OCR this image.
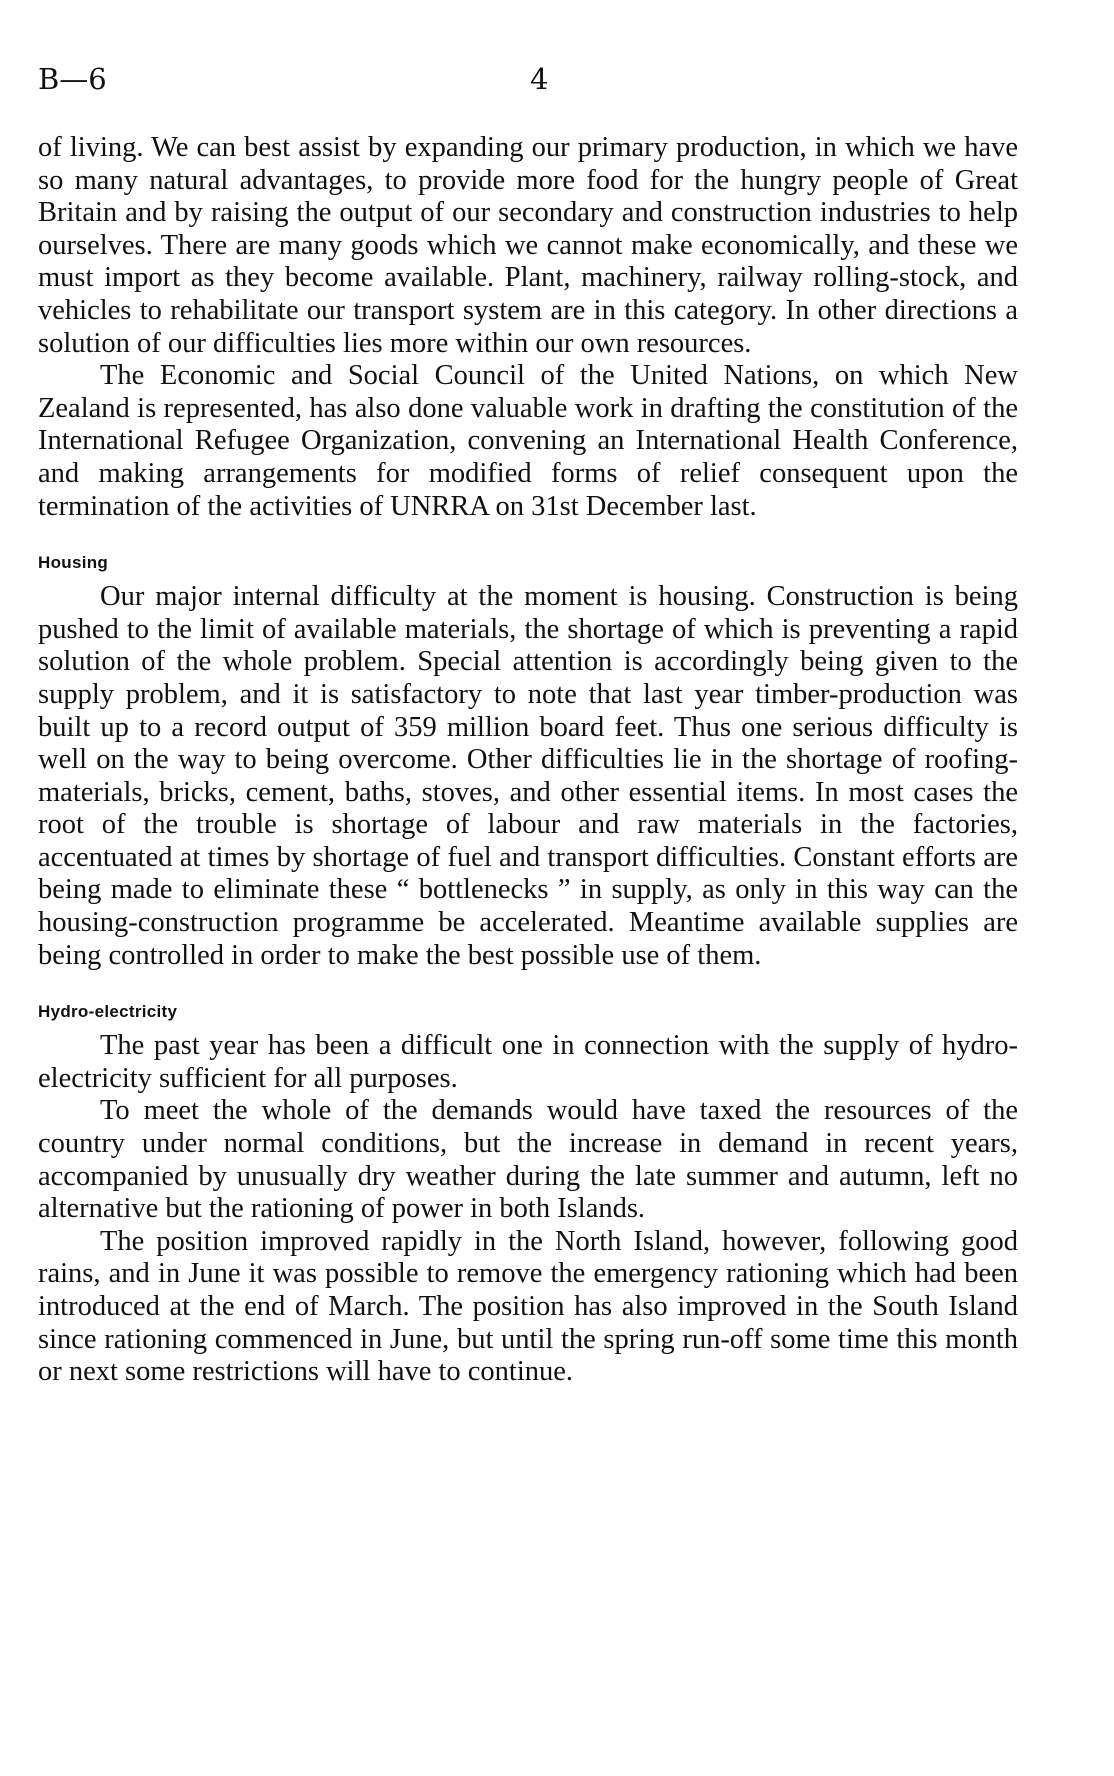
B—6	4

of living. We can best assist by expanding our primary production, in which we have so many natural advantages, to provide more food for the hungry people of Great Britain and by raising the output of our secondary and construction industries to help ourselves. There are many goods which we cannot make economically, and these we must import as they become available. Plant, machinery, railway rolling-stock, and vehicles to rehabilitate our transport system are in this category. In other directions a solution of our difficulties lies more within our own resources.

The Economic and Social Council of the United Nations, on which New Zealand is represented, has also done valuable work in drafting the constitution of the International Refugee Organization, convening an International Health Conference, and making arrangements for modified forms of relief consequent upon the termination of the activities of UNRRA on 31st December last.

Housing

Our major internal difficulty at the moment is housing. Construction is being pushed to the limit of available materials, the shortage of which is preventing a rapid solution of the whole problem. Special attention is accordingly being given to the supply problem, and it is satisfactory to note that last year timber-production was built up to a record output of 359 million board feet. Thus one serious difficulty is well on the way to being overcome. Other difficulties lie in the shortage of roofing-materials, bricks, cement, baths, stoves, and other essential items. In most cases the root of the trouble is shortage of labour and raw materials in the factories, accentuated at times by shortage of fuel and transport difficulties. Constant efforts are being made to eliminate these “ bottlenecks ” in supply, as only in this way can the housing-construction programme be accelerated. Meantime available supplies are being controlled in order to make the best possible use of them.

Hydro-electricity

The past year has been a difficult one in connection with the supply of hydro-electricity sufficient for all purposes.

To meet the whole of the demands would have taxed the resources of the country under normal conditions, but the increase in demand in recent years, accompanied by unusually dry weather during the late summer and autumn, left no alternative but the rationing of power in both Islands.

The position improved rapidly in the North Island, however, following good rains, and in June it was possible to remove the emergency rationing which had been introduced at the end of March. The position has also improved in the South Island since rationing commenced in June, but until the spring run-off some time this month or next some restrictions will have to continue.
